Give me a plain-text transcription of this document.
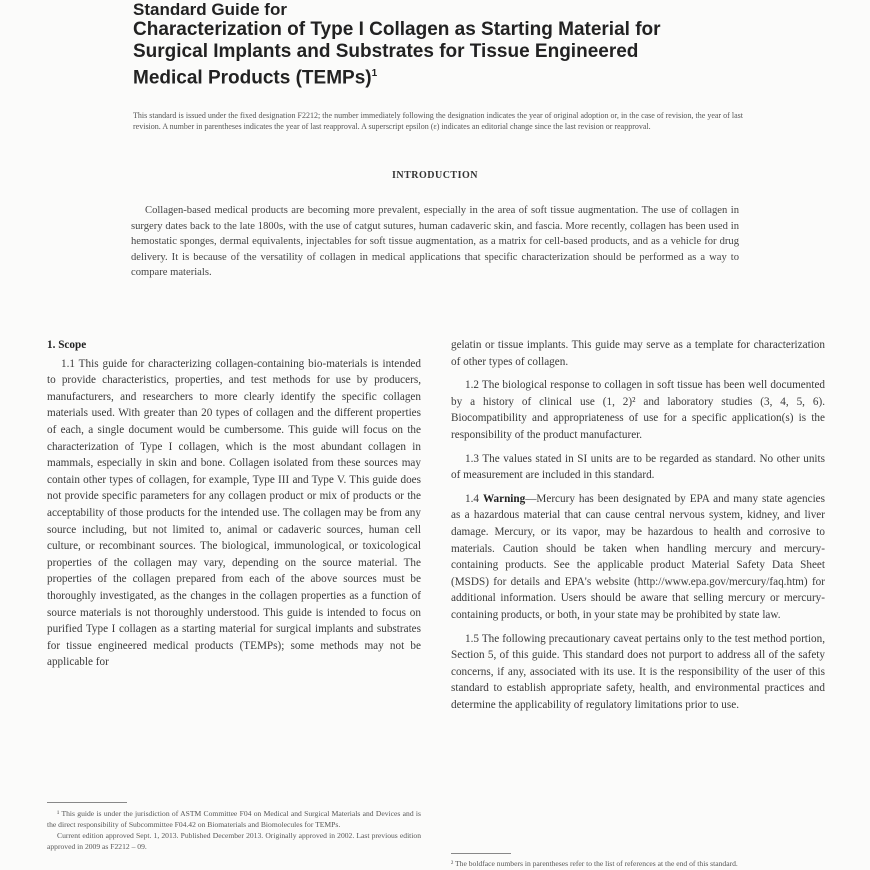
Standard Guide for
Characterization of Type I Collagen as Starting Material for
Surgical Implants and Substrates for Tissue Engineered
Medical Products (TEMPs)$^1$
This standard is issued under the fixed designation F2212; the number immediately following the designation indicates the year of original adoption or, in the case of revision, the year of last revision. A number in parentheses indicates the year of last reapproval. A superscript epsilon (ε) indicates an editorial change since the last revision or reapproval.
INTRODUCTION
Collagen-based medical products are becoming more prevalent, especially in the area of soft tissue augmentation. The use of collagen in surgery dates back to the late 1800s, with the use of catgut sutures, human cadaveric skin, and fascia. More recently, collagen has been used in hemostatic sponges, dermal equivalents, injectables for soft tissue augmentation, as a matrix for cell-based products, and as a vehicle for drug delivery. It is because of the versatility of collagen in medical applications that specific characterization should be performed as a way to compare materials.

1. Scope

1.1 This guide for characterizing collagen-containing bio-materials is intended to provide characteristics, properties, and test methods for use by producers, manufacturers, and researchers to more clearly identify the specific collagen materials used. With greater than 20 types of collagen and the different properties of each, a single document would be cumbersome. This guide will focus on the characterization of Type I collagen, which is the most abundant collagen in mammals, especially in skin and bone. Collagen isolated from these sources may contain other types of collagen, for example, Type III and Type V. This guide does not provide specific parameters for any collagen product or mix of products or the acceptability of those products for the intended use. The collagen may be from any source including, but not limited to, animal or cadaveric sources, human cell culture, or recombinant sources. The biological, immunological, or toxicological properties of the collagen may vary, depending on the source material. The properties of the collagen prepared from each of the above sources must be thoroughly investigated, as the changes in the collagen properties as a function of source materials is not thoroughly understood. This guide is intended to focus on purified Type I collagen as a starting material for surgical implants and substrates for tissue engineered medical products (TEMPs); some methods may not be applicable for

gelatin or tissue implants. This guide may serve as a template for characterization of other types of collagen.

1.2 The biological response to collagen in soft tissue has been well documented by a history of clinical use (1, 2)² and laboratory studies (3, 4, 5, 6). Biocompatibility and appropriateness of use for a specific application(s) is the responsibility of the product manufacturer.

1.3 The values stated in SI units are to be regarded as standard. No other units of measurement are included in this standard.

1.4 Warning—Mercury has been designated by EPA and many state agencies as a hazardous material that can cause central nervous system, kidney, and liver damage. Mercury, or its vapor, may be hazardous to health and corrosive to materials. Caution should be taken when handling mercury and mercury-containing products. See the applicable product Material Safety Data Sheet (MSDS) for details and EPA's website (http://www.epa.gov/mercury/faq.htm) for additional information. Users should be aware that selling mercury or mercury-containing products, or both, in your state may be prohibited by state law.

1.5 The following precautionary caveat pertains only to the test method portion, Section 5, of this guide. This standard does not purport to address all of the safety concerns, if any, associated with its use. It is the responsibility of the user of this standard to establish appropriate safety, health, and environmental practices and determine the applicability of regulatory limitations prior to use.

¹ This guide is under the jurisdiction of ASTM Committee F04 on Medical and Surgical Materials and Devices and is the direct responsibility of Subcommittee F04.42 on Biomaterials and Biomolecules for TEMPs.
Current edition approved Sept. 1, 2013. Published December 2013. Originally approved in 2002. Last previous edition approved in 2009 as F2212 – 09.
² The boldface numbers in parentheses refer to the list of references at the end of this standard.
